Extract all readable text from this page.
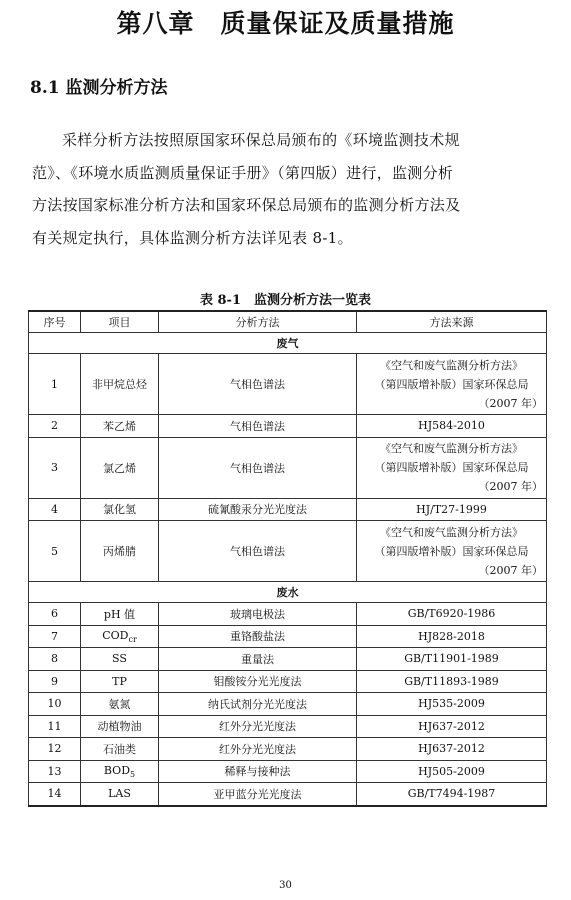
第八章　质量保证及质量措施
8.1 监测分析方法
采样分析方法按照原国家环保总局颁布的《环境监测技术规
范》、《环境水质监测质量保证手册》（第四版）进行，监测分析
方法按国家标准分析方法和国家环保总局颁布的监测分析方法及
有关规定执行，具体监测分析方法详见表 8-1。
表 8-1　监测分析方法一览表
序号	项目	分析方法	方法来源
废气			
1	非甲烷总烃	气相色谱法	《空气和废气监测分析方法》
（第四版增补版）国家环保总局
（2007 年）

2	苯乙烯	气相色谱法	HJ584-2010
3	氯乙烯	气相色谱法	《空气和废气监测分析方法》
（第四版增补版）国家环保总局
（2007 年）

4	氯化氢	硫氰酸汞分光光度法	HJ/T27-1999
5	丙烯腈	气相色谱法	《空气和废气监测分析方法》
（第四版增补版）国家环保总局
（2007 年）

废水			
6	pH 值	玻璃电极法	GB/T6920-1986
7	$COD_{cr}$	重铬酸盐法	HJ828-2018
8	SS	重量法	GB/T11901-1989
9	TP	钼酸铵分光光度法	GB/T11893-1989
10	氨氮	纳氏试剂分光光度法	HJ535-2009
11	动植物油	红外分光光度法	HJ637-2012
12	石油类	红外分光光度法	HJ637-2012
13	$BOD_5$	稀释与接种法	HJ505-2009
14	LAS	亚甲蓝分光光度法	GB/T7494-1987
30
